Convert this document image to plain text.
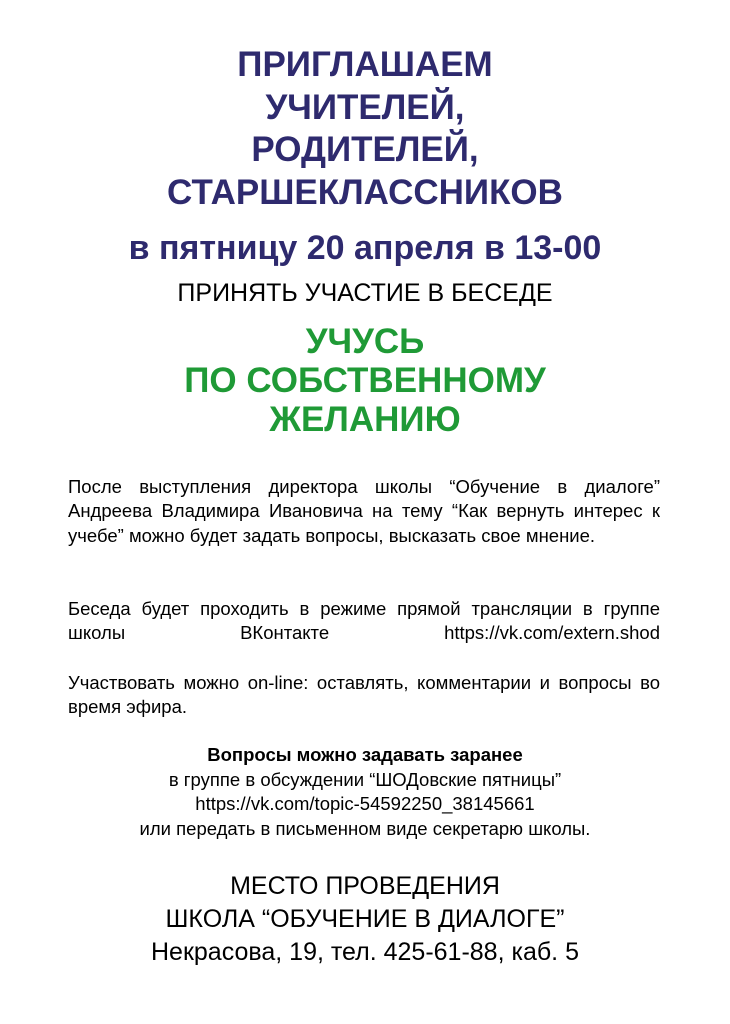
ПРИГЛАШАЕМ
УЧИТЕЛЕЙ,
РОДИТЕЛЕЙ,
СТАРШЕКЛАССНИКОВ
в пятницу 20 апреля в 13-00
ПРИНЯТЬ УЧАСТИЕ В БЕСЕДЕ
УЧУСЬ
ПО СОБСТВЕННОМУ
ЖЕЛАНИЮ
После выступления директора школы “Обучение в диалоге” Андреева Владимира Ивановича на тему “Как вернуть интерес к учебе” можно будет задать вопросы, высказать свое мнение.
Беседа будет проходить в режиме прямой трансляции в группе школы ВКонтакте https://vk.com/extern.shod
Участвовать можно on-line: оставлять, комментарии и вопросы во время эфира.
Вопросы можно задавать заранее
в группе в обсуждении “ШОДовские пятницы”
https://vk.com/topic-54592250_38145661
или передать в письменном виде секретарю школы.
МЕСТО ПРОВЕДЕНИЯ
ШКОЛА “ОБУЧЕНИЕ В ДИАЛОГЕ”
Некрасова, 19, тел. 425-61-88, каб. 5
